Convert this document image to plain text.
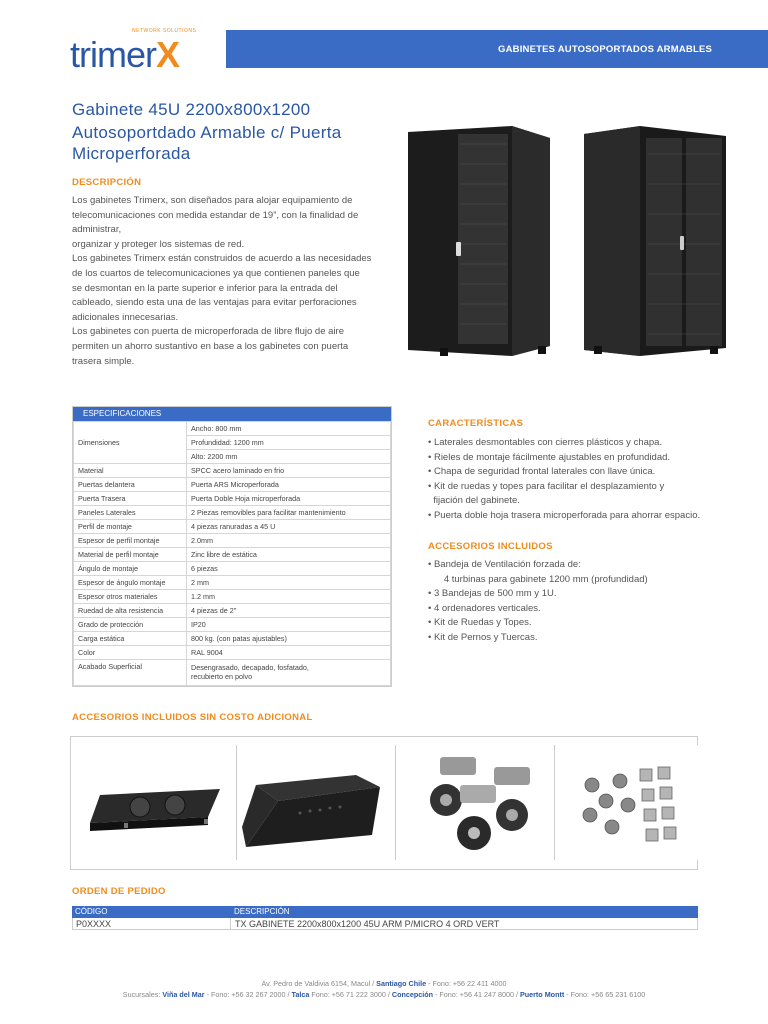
NETWORK SOLUTIONS
trimerX	GABINETES AUTOSOPORTADOS ARMABLES
Gabinete 45U 2200x800x1200
Autosoportdado Armable c/ Puerta Microperforada
DESCRIPCIÓN

Los gabinetes Trimerx, son diseñados para alojar equipamiento de telecomunicaciones con medida estandar de 19”, con la finalidad de administrar,

organizar y proteger los sistemas de red.

Los gabinetes Trimerx están construidos de acuerdo a las necesidades de los cuartos de telecomunicaciones ya que contienen paneles que se desmontan en la parte superior e inferior para la entrada del cableado, siendo esta una de las ventajas para evitar perforaciones adicionales innecesarias.

Los gabinetes con puerta de microperforada de libre flujo de aire permiten un ahorro sustantivo en base a los gabinetes con puerta trasera simple.

ESPECIFICACIONES
Dimensiones	Ancho: 800 mm
	Profundidad: 1200 mm
	Alto: 2200 mm
Material	SPCC acero laminado en frio
Puertas delantera	Puerta ARS Microperforada
Puerta Trasera	Puerta Doble Hoja microperforada
Paneles Laterales	2 Piezas removibles para facilitar mantenimiento
Perfil de montaje	4 piezas ranuradas a 45 U
Espesor de perfil montaje	2.0mm
Material de perfil montaje	Zinc libre de estática
Ángulo de montaje	6 piezas
Espesor de ángulo montaje	2 mm
Espesor otros materiales	1.2 mm
Ruedad de alta resistencia	4 piezas de 2”
Grado de protección	IP20
Carga estática	800 kg. (con patas ajustables)
Color	RAL 9004
Acabado Superficial	Desengrasado, decapado, fosfatado,
recubierto en polvo
CARACTERÍSTICAS
• Laterales desmontables con cierres plásticos y chapa.
• Rieles de montaje fácilmente ajustables en profundidad.
• Chapa de seguridad frontal laterales con llave única.
• Kit de ruedas y topes para facilitar el desplazamiento y
fijación del gabinete.
• Puerta doble hoja trasera microperforada para ahorrar espacio.
ACCESORIOS INCLUIDOS
• Bandeja de Ventilación forzada de:
4 turbinas para gabinete 1200 mm (profundidad)
• 3 Bandejas de 500 mm y 1U.
• 4 ordenadores verticales.
• Kit de Ruedas y Topes.
• Kit de Pernos y Tuercas.
ACCESORIOS INCLUIDOS SIN COSTO ADICIONAL
ORDEN DE PEDIDO
CÓDIGO	DESCRIPCIÓN
P0XXXX	TX GABINETE 2200x800x1200 45U ARM P/MICRO 4 ORD VERT
Av. Pedro de Valdivia 6154, Macul / Santiago Chile - Fono: +56 22 411 4000
Sucursales: Viña del Mar - Fono: +56 32 267 2000 / Talca Fono: +56 71 222 3000 / Concepción - Fono: +56 41 247 8000 / Puerto Montt - Fono: +56 65 231 6100
